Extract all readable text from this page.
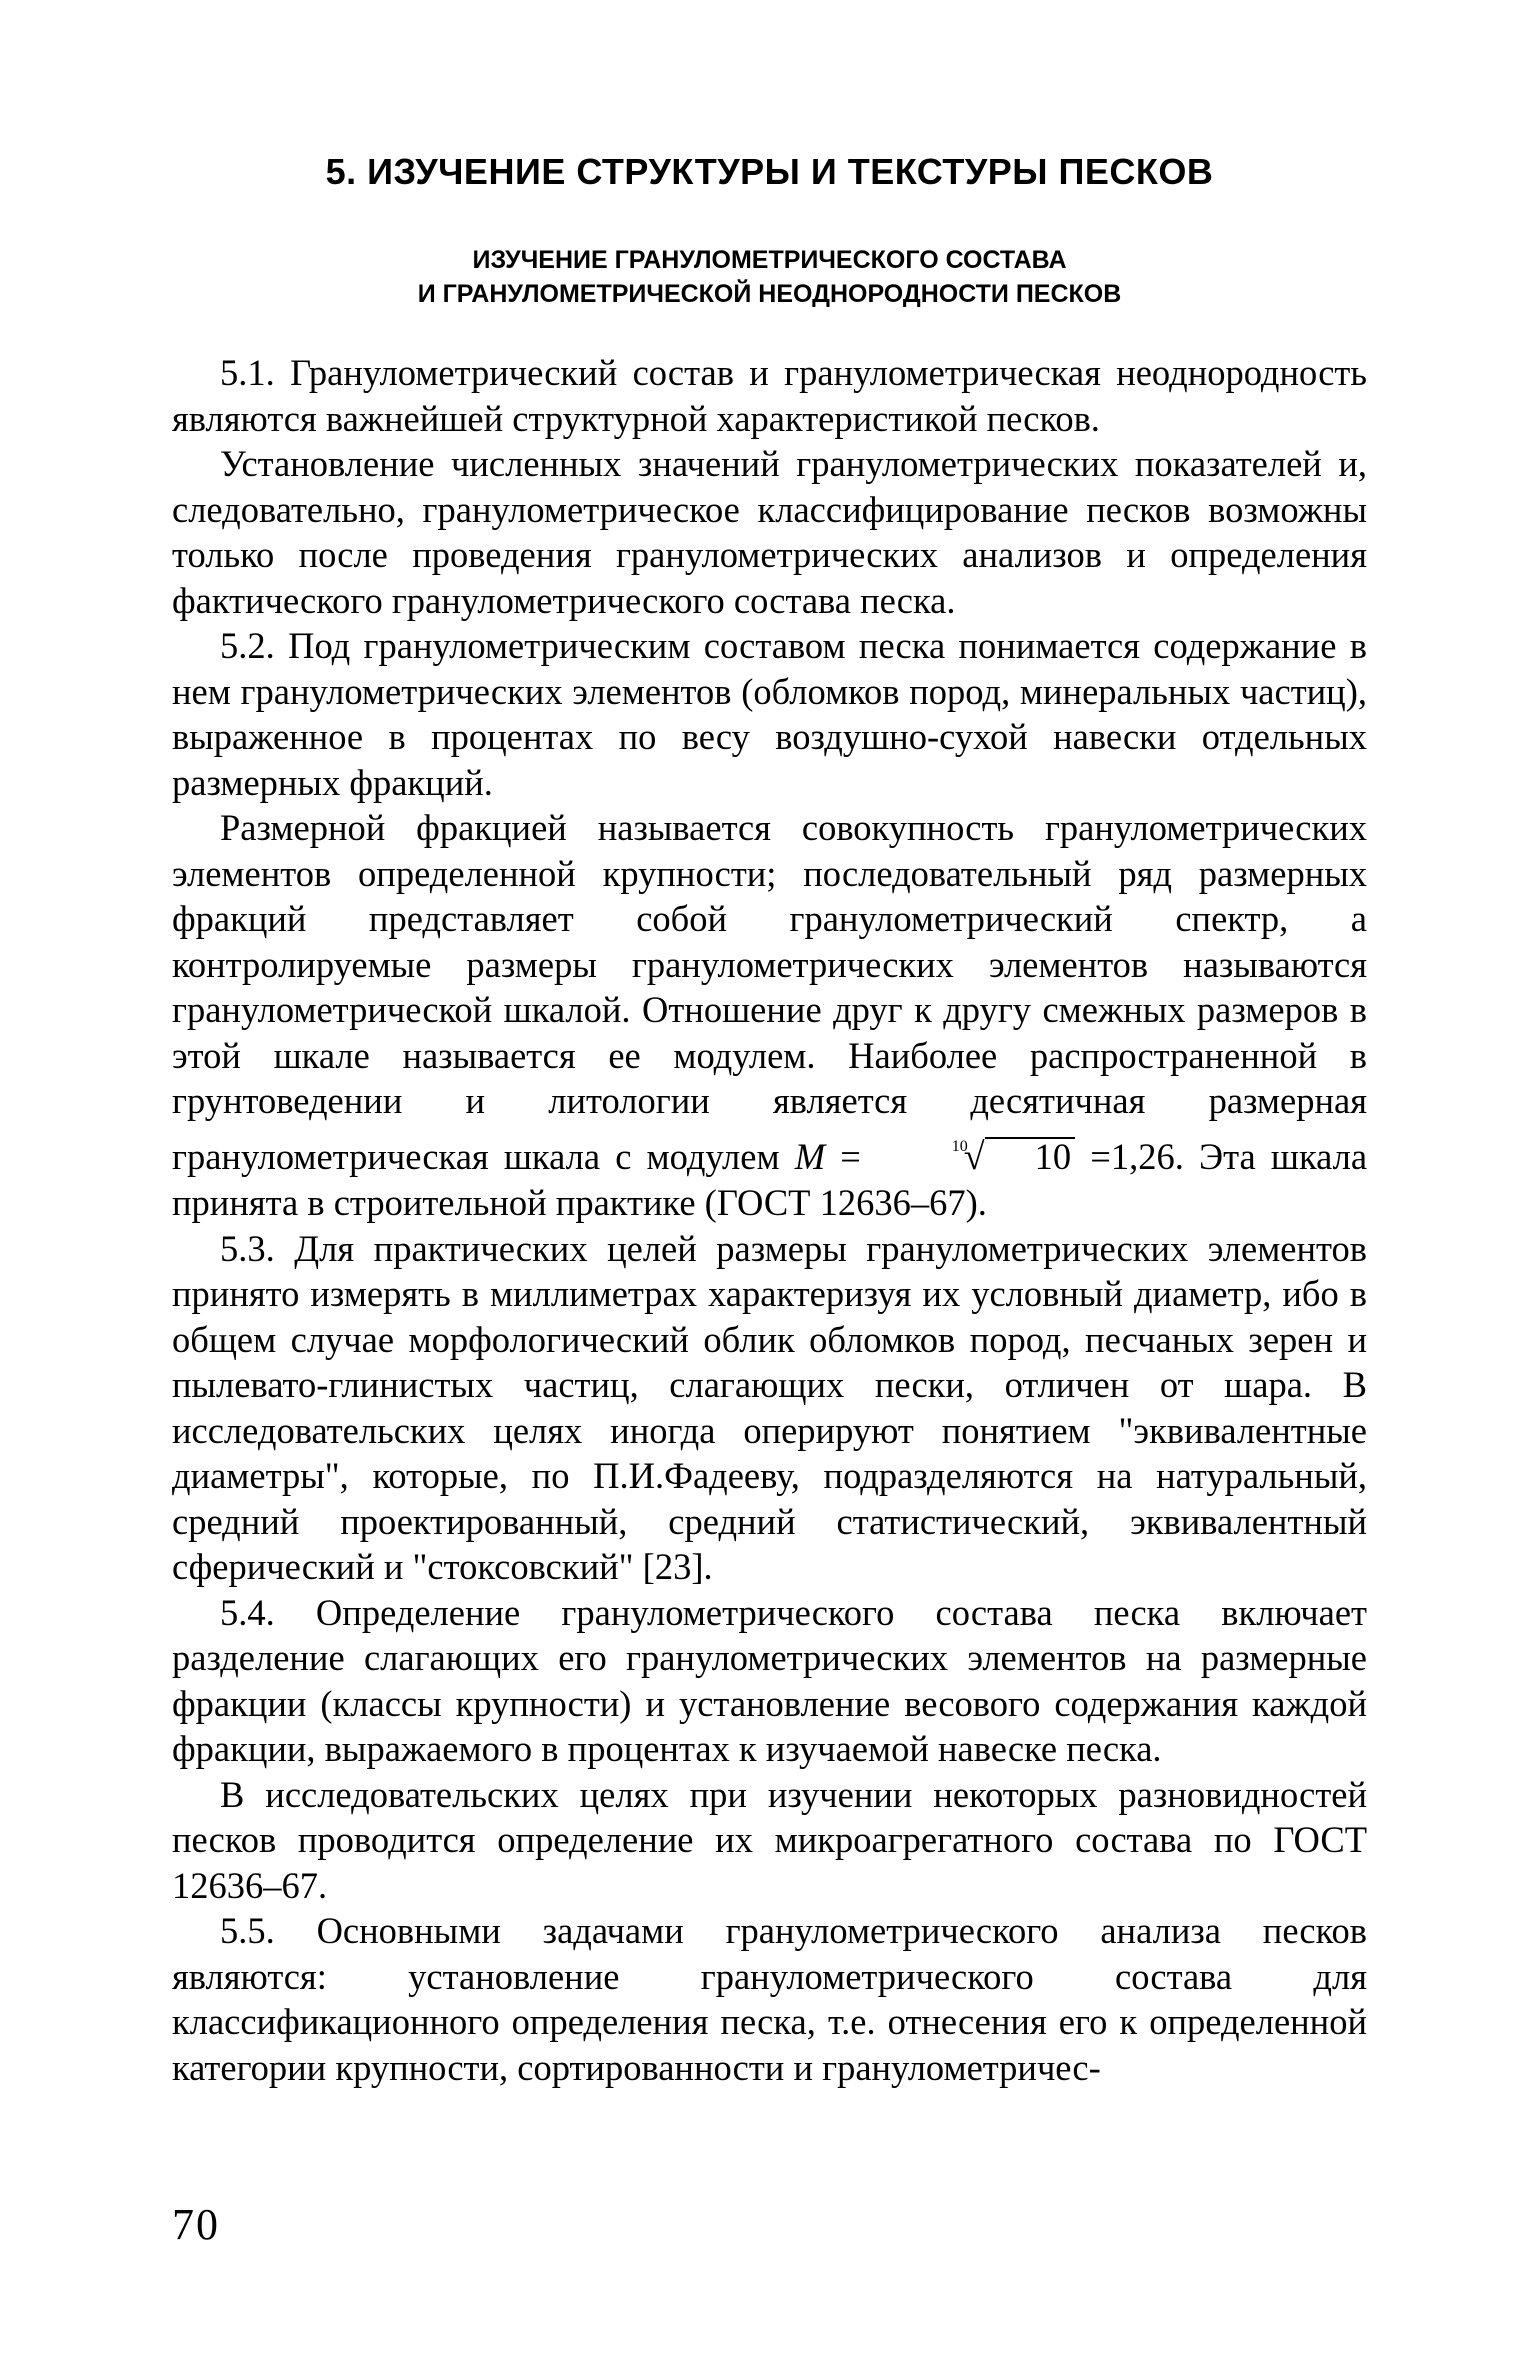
5. ИЗУЧЕНИЕ СТРУКТУРЫ И ТЕКСТУРЫ ПЕСКОВ
ИЗУЧЕНИЕ ГРАНУЛОМЕТРИЧЕСКОГО СОСТАВА
И ГРАНУЛОМЕТРИЧЕСКОЙ НЕОДНОРОДНОСТИ ПЕСКОВ

5.1. Гранулометрический состав и гранулометрическая неоднородность являются важнейшей структурной характеристикой песков.

Установление численных значений гранулометрических показателей и, следовательно, гранулометрическое классифицирование песков возможны только после проведения гранулометрических анализов и определения фактического гранулометрического состава песка.

5.2. Под гранулометрическим составом песка понимается содержание в нем гранулометрических элементов (обломков пород, минеральных частиц), выраженное в процентах по весу воздушно-сухой навески отдельных размерных фракций.

Размерной фракцией называется совокупность гранулометрических элементов определенной крупности; последовательный ряд размерных фракций представляет собой гранулометрический спектр, а контролируемые размеры гранулометрических элементов называются гранулометрической шкалой. Отношение друг к другу смежных размеров в этой шкале называется ее модулем. Наиболее распространенной в грунтоведении и литологии является десятичная размерная гранулометрическая шкала с модулем M =	$^{10}$√ 10 =1,26. Эта шкала принята в строительной практике (ГОСТ 12636–67).

5.3. Для практических целей размеры гранулометрических элементов принято измерять в миллиметрах характеризуя их условный диаметр, ибо в общем случае морфологический облик обломков пород, песчаных зерен и пылевато-глинистых частиц, слагающих пески, отличен от шара. В исследовательских целях иногда оперируют понятием "эквивалентные диаметры", которые, по П.И.Фадееву, подразделяются на натуральный, средний проектированный, средний статистический, эквивалентный сферический и "стоксовский" [23].

5.4. Определение гранулометрического состава песка включает разделение слагающих его гранулометрических элементов на размерные фракции (классы крупности) и установление весового содержания каждой фракции, выражаемого в процентах к изучаемой навеске песка.

В исследовательских целях при изучении некоторых разновидностей песков проводится определение их микроагрегатного состава по ГОСТ 12636–67.

5.5. Основными задачами гранулометрического анализа песков являются: установление гранулометрического состава для классификационного определения песка, т.е. отнесения его к определенной категории крупности, сортированности и гранулометричес-

70
